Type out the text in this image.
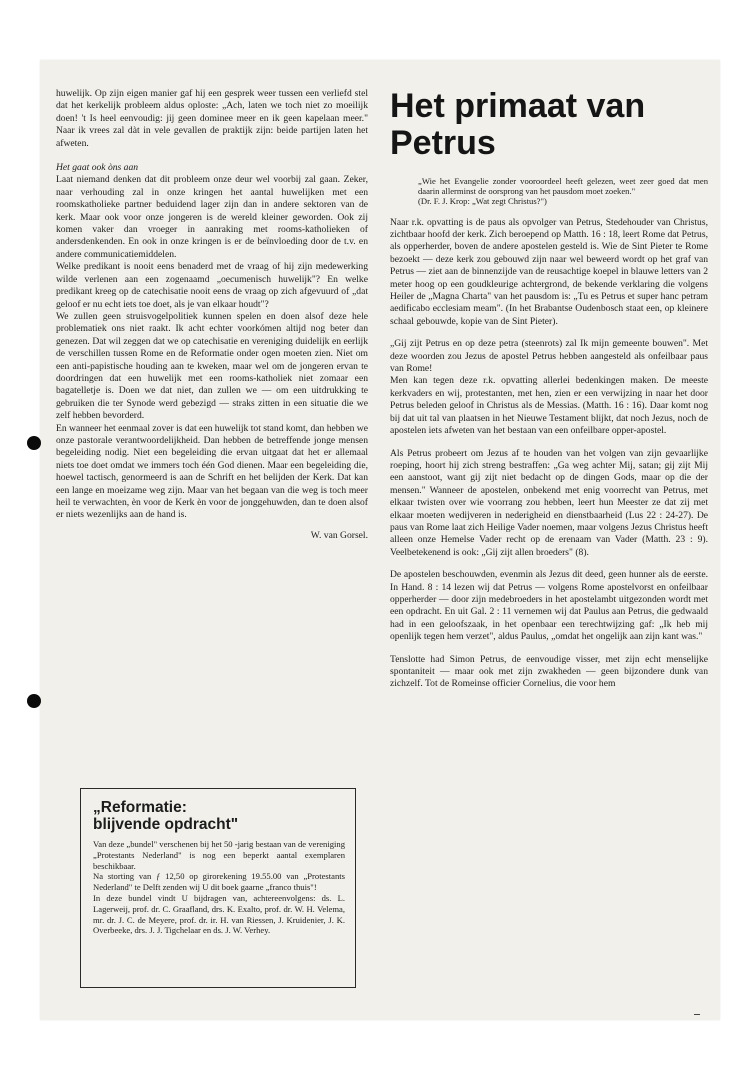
huwelijk. Op zijn eigen manier gaf hij een gesprek weer tussen een verliefd stel dat het kerkelijk probleem aldus oploste: „Ach, laten we toch niet zo moeilijk doen! 't Is heel eenvoudig: jij geen dominee meer en ik geen kapelaan meer." Naar ik vrees zal dàt in vele gevallen de praktijk zijn: beide partijen laten het afweten.

Het gaat ook òns aan

Laat niemand denken dat dit probleem onze deur wel voorbij zal gaan. Zeker, naar verhouding zal in onze kringen het aantal huwelijken met een roomskatholieke partner beduidend lager zijn dan in andere sektoren van de kerk. Maar ook voor onze jongeren is de wereld kleiner geworden. Ook zij komen vaker dan vroeger in aanraking met rooms-katholieken of andersdenkenden. En ook in onze kringen is er de beïnvloeding door de t.v. en andere communicatiemiddelen.

Welke predikant is nooit eens benaderd met de vraag of hij zijn medewerking wilde verlenen aan een zogenaamd „oecumenisch huwelijk"? En welke predikant kreeg op de catechisatie nooit eens de vraag op zich afgevuurd of „dat geloof er nu echt iets toe doet, als je van elkaar houdt"?

We zullen geen struisvogelpolitiek kunnen spelen en doen alsof deze hele problematiek ons niet raakt. Ik acht echter voorkómen altijd nog beter dan genezen. Dat wil zeggen dat we op catechisatie en vereniging duidelijk en eerlijk de verschillen tussen Rome en de Reformatie onder ogen moeten zien. Niet om een anti-papistische houding aan te kweken, maar wel om de jongeren ervan te doordringen dat een huwelijk met een rooms-katholiek niet zomaar een bagatelletje is. Doen we dat niet, dan zullen we — om een uitdrukking te gebruiken die ter Synode werd gebezigd — straks zitten in een situatie die we zelf hebben bevorderd.

En wanneer het eenmaal zover is dat een huwelijk tot stand komt, dan hebben we onze pastorale verantwoordelijkheid. Dan hebben de betreffende jonge mensen begeleiding nodig. Niet een begeleiding die ervan uitgaat dat het er allemaal niets toe doet omdat we immers toch één God dienen. Maar een begeleiding die, hoewel tactisch, genormeerd is aan de Schrift en het belijden der Kerk. Dat kan een lange en moeizame weg zijn. Maar van het begaan van die weg is toch meer heil te verwachten, èn voor de Kerk èn voor de jonggehuwden, dan te doen alsof er niets wezenlijks aan de hand is.

W. van Gorsel.

„Reformatie:
blijvende opdracht"

Van deze „bundel" verschenen bij het 50 -jarig bestaan van de vereniging „Protestants Nederland" is nog een beperkt aantal exemplaren beschikbaar.

Na storting van ƒ 12,50 op girorekening 19.55.00 van „Protestants Nederland" te Delft zenden wij U dit boek gaarne „franco thuis"!

In deze bundel vindt U bijdragen van, achtereenvolgens: ds. L. Lagerweij, prof. dr. C. Graafland, drs. K. Exalto, prof. dr. W. H. Velema, mr. dr. J. C. de Meyere, prof. dr. ir. H. van Riessen, J. Kruidenier, J. K. Overbeeke, drs. J. J. Tigchelaar en ds. J. W. Verhey.

Het primaat van Petrus

„Wie het Evangelie zonder vooroordeel heeft gelezen, weet zeer goed dat men daarin allerminst de oorsprong van het pausdom moet zoeken."

(Dr. F. J. Krop: „Wat zegt Christus?")

Naar r.k. opvatting is de paus als opvolger van Petrus, Stedehouder van Christus, zichtbaar hoofd der kerk. Zich beroepend op Matth. 16 : 18, leert Rome dat Petrus, als opperherder, boven de andere apostelen gesteld is. Wie de Sint Pieter te Rome bezoekt — deze kerk zou gebouwd zijn naar wel beweerd wordt op het graf van Petrus — ziet aan de binnenzijde van de reusachtige koepel in blauwe letters van 2 meter hoog op een goudkleurige achtergrond, de bekende verklaring die volgens Heiler de „Magna Charta" van het pausdom is: „Tu es Petrus et super hanc petram aedificabo ecclesiam meam". (In het Brabantse Oudenbosch staat een, op kleinere schaal gebouwde, kopie van de Sint Pieter).

„Gij zijt Petrus en op deze petra (steenrots) zal Ik mijn gemeente bouwen". Met deze woorden zou Jezus de apostel Petrus hebben aangesteld als onfeilbaar paus van Rome!

Men kan tegen deze r.k. opvatting allerlei bedenkingen maken. De meeste kerkvaders en wij, protestanten, met hen, zien er een verwijzing in naar het door Petrus beleden geloof in Christus als de Messias. (Matth. 16 : 16). Daar komt nog bij dat uit tal van plaatsen in het Nieuwe Testament blijkt, dat noch Jezus, noch de apostelen iets afweten van het bestaan van een onfeilbare opper-apostel.

Als Petrus probeert om Jezus af te houden van het volgen van zijn gevaarlijke roeping, hoort hij zich streng bestraffen: „Ga weg achter Mij, satan; gij zijt Mij een aanstoot, want gij zijt niet bedacht op de dingen Gods, maar op die der mensen." Wanneer de apostelen, onbekend met enig voorrecht van Petrus, met elkaar twisten over wie voorrang zou hebben, leert hun Meester ze dat zij met elkaar moeten wedijveren in nederigheid en dienstbaarheid (Lus 22 : 24-27). De paus van Rome laat zich Heilige Vader noemen, maar volgens Jezus Christus heeft alleen onze Hemelse Vader recht op de erenaam van Vader (Matth. 23 : 9). Veelbetekenend is ook: „Gij zijt allen broeders" (8).

De apostelen beschouwden, evenmin als Jezus dit deed, geen hunner als de eerste. In Hand. 8 : 14 lezen wij dat Petrus — volgens Rome apostelvorst en onfeilbaar opperherder — door zijn medebroeders in het apostelambt uitgezonden wordt met een opdracht. En uit Gal. 2 : 11 vernemen wij dat Paulus aan Petrus, die gedwaald had in een geloofszaak, in het openbaar een terechtwijzing gaf: „Ik heb mij openlijk tegen hem verzet", aldus Paulus, „omdat het ongelijk aan zijn kant was."

Tenslotte had Simon Petrus, de eenvoudige visser, met zijn echt menselijke spontaniteit — maar ook met zijn zwakheden — geen bijzondere dunk van zichzelf. Tot de Romeinse officier Cornelius, die voor hem
